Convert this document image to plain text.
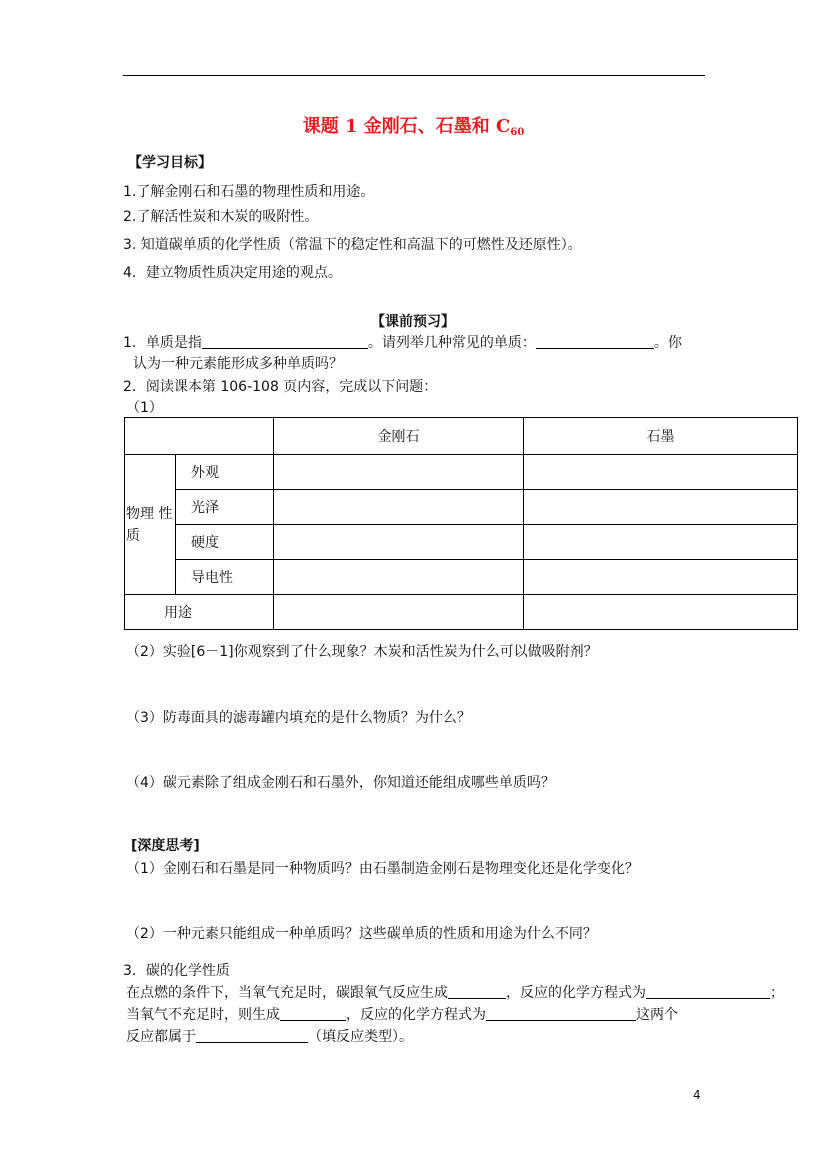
课题 1 金刚石、石墨和 $C_{60}$
【学习目标】
1.了解金刚石和石墨的物理性质和用途。
2.了解活性炭和木炭的吸附性。
3. 知道碳单质的化学性质（常温下的稳定性和高温下的可燃性及还原性）。
4．建立物质性质决定用途的观点。
【课前预习】
1．单质是指	。请列举几种常见的单质：	。你
认为一种元素能形成多种单质吗？
2．阅读课本第 106-108 页内容，完成以下问题：
（1）
		金刚石	石墨
物理 性质	外观		
	光泽		
	硬度		
	导电性		
用途			
（2）实验[6－1]你观察到了什么现象？木炭和活性炭为什么可以做吸附剂？
（3）防毒面具的滤毒罐内填充的是什么物质？为什么？
（4）碳元素除了组成金刚石和石墨外，你知道还能组成哪些单质吗？
[深度思考]
（1）金刚石和石墨是同一种物质吗？由石墨制造金刚石是物理变化还是化学变化？
（2）一种元素只能组成一种单质吗？这些碳单质的性质和用途为什么不同？
3．碳的化学性质
在点燃的条件下，当氧气充足时，碳跟氧气反应生成	，反应的化学方程式为	；
当氧气不充足时，则生成	，反应的化学方程式为	这两个
反应都属于	（填反应类型）。
4
